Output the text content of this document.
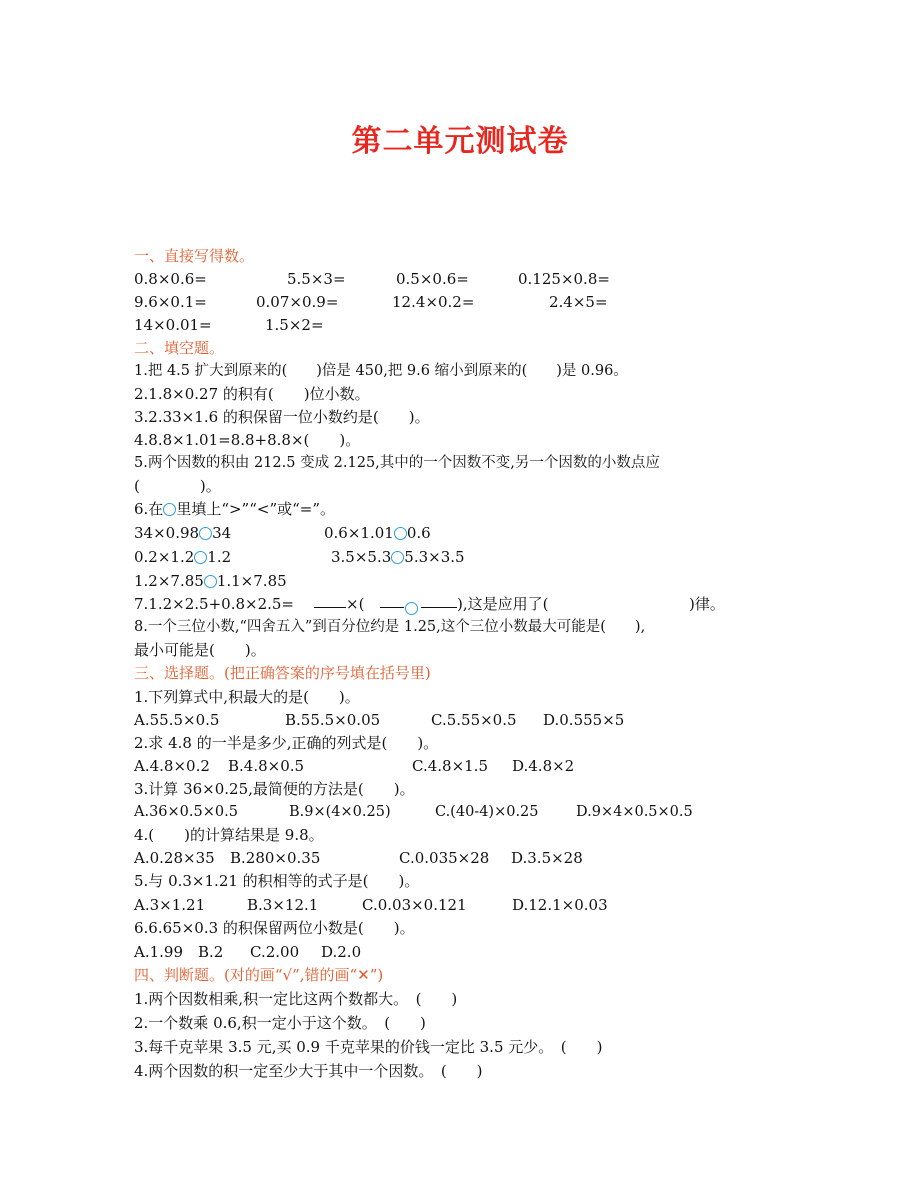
第二单元测试卷
一、直接写得数。
0.8×0.6=	5.5×3=	0.5×0.6=	0.125×0.8=
9.6×0.1=	0.07×0.9=	12.4×0.2=	2.4×5=
14×0.01=	1.5×2=
二、填空题。
1.把 4.5 扩大到原来的(　　)倍是 450,把 9.6 缩小到原来的(　　)是 0.96。
2.1.8×0.27 的积有(　　)位小数。
3.2.33×1.6 的积保留一位小数约是(　　)。
4.8.8×1.01=8.8+8.8×(　　)。
5.两个因数的积由 212.5 变成 2.125,其中的一个因数不变,另一个因数的小数点应
(　　　　)。
6.在 里填上“>”“<”或“=”。
34×0.98 34	0.6×1.01 0.6
0.2×1.2 1.2	3.5×5.3 5.3×3.5
1.2×7.85 1.1×7.85
7.1.2×2.5+0.8×2.5=	×(	),这是应用了(	)律。
8.一个三位小数,“四舍五入”到百分位约是 1.25,这个三位小数最大可能是(　　),
最小可能是(　　)。
三、选择题。(把正确答案的序号填在括号里)
1.下列算式中,积最大的是(　　)。
A.55.5×0.5	B.55.5×0.05	C.5.55×0.5 D.0.555×5
2.求 4.8 的一半是多少,正确的列式是(　　)。
A.4.8×0.2 B.4.8×0.5	C.4.8×1.5 D.4.8×2
3.计算 36×0.25,最简便的方法是(　　)。
A.36×0.5×0.5	B.9×(4×0.25)	C.(40-4)×0.25	D.9×4×0.5×0.5
4.(　　)的计算结果是 9.8。
A.0.28×35 B.280×0.35	C.0.035×28 D.3.5×28
5.与 0.3×1.21 的积相等的式子是(　　)。
A.3×1.21	B.3×12.1	C.0.03×0.121	D.12.1×0.03
6.6.65×0.3 的积保留两位小数是(　　)。
A.1.99 B.2 C.2.00 D.2.0
四、判断题。(对的画“√”,错的画“✕”)
1.两个因数相乘,积一定比这两个数都大。　(　　)
2.一个数乘 0.6,积一定小于这个数。　(　　)
3.每千克苹果 3.5 元,买 0.9 千克苹果的价钱一定比 3.5 元少。　(　　)
4.两个因数的积一定至少大于其中一个因数。　(　　)
